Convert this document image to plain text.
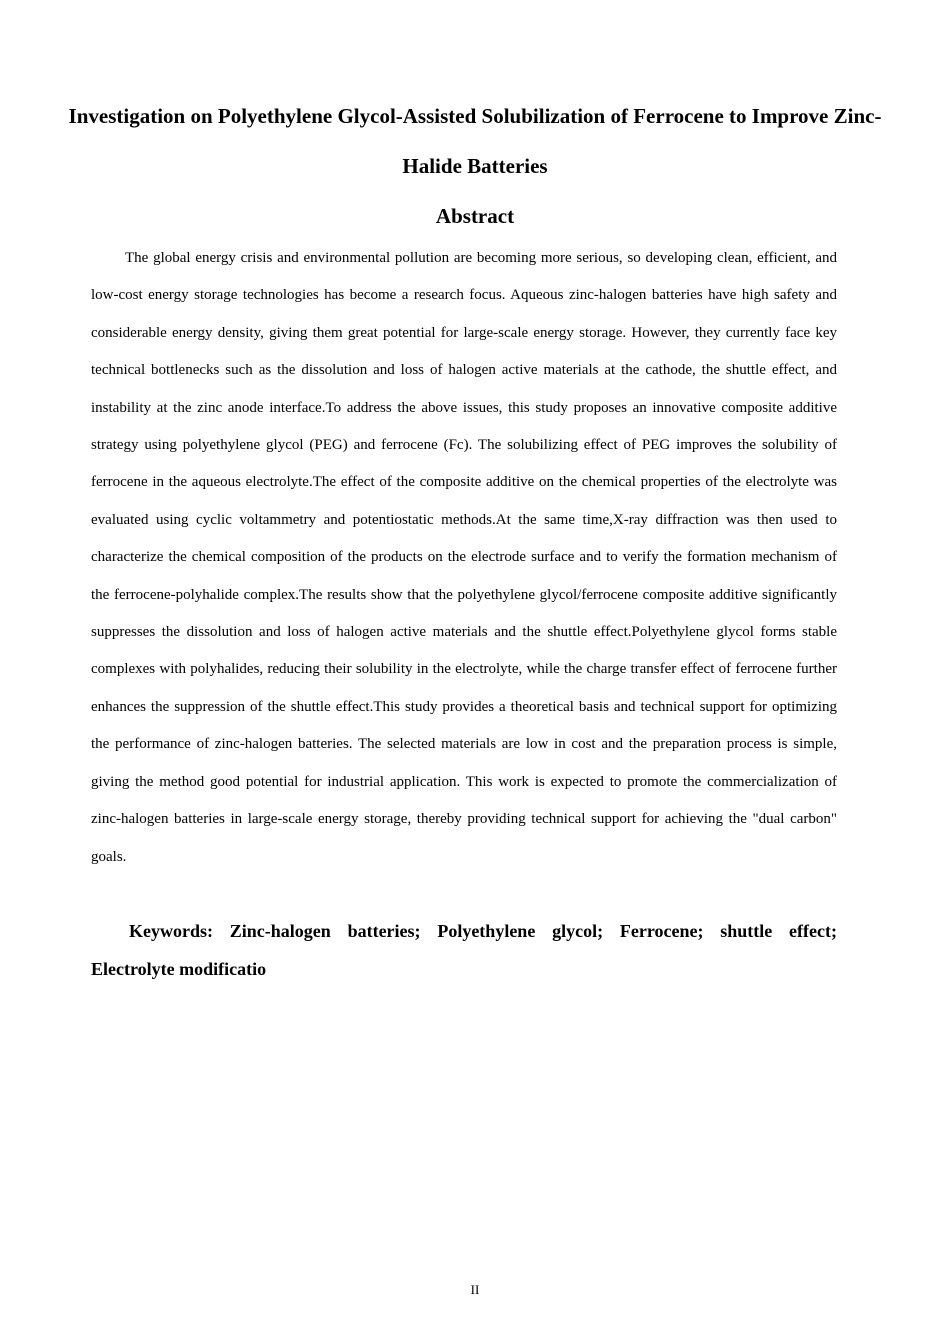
Investigation on Polyethylene Glycol-Assisted Solubilization of Ferrocene to Improve Zinc-Halide Batteries
Abstract

The global energy crisis and environmental pollution are becoming more serious, so developing clean, efficient, and low-cost energy storage technologies has become a research focus. Aqueous zinc-halogen batteries have high safety and considerable energy density, giving them great potential for large-scale energy storage. However, they currently face key technical bottlenecks such as the dissolution and loss of halogen active materials at the cathode, the shuttle effect, and instability at the zinc anode interface.To address the above issues, this study proposes an innovative composite additive strategy using polyethylene glycol (PEG) and ferrocene (Fc). The solubilizing effect of PEG improves the solubility of ferrocene in the aqueous electrolyte.The effect of the composite additive on the chemical properties of the electrolyte was evaluated using cyclic voltammetry and potentiostatic methods.At the same time,X-ray diffraction was then used to characterize the chemical composition of the products on the electrode surface and to verify the formation mechanism of the ferrocene-polyhalide complex.The results show that the polyethylene glycol/ferrocene composite additive significantly suppresses the dissolution and loss of halogen active materials and the shuttle effect.Polyethylene glycol forms stable complexes with polyhalides, reducing their solubility in the electrolyte, while the charge transfer effect of ferrocene further enhances the suppression of the shuttle effect.This study provides a theoretical basis and technical support for optimizing the performance of zinc-halogen batteries. The selected materials are low in cost and the preparation process is simple, giving the method good potential for industrial application. This work is expected to promote the commercialization of zinc-halogen batteries in large-scale energy storage, thereby providing technical support for achieving the "dual carbon" goals.

Keywords: Zinc-halogen batteries; Polyethylene glycol; Ferrocene; shuttle effect; Electrolyte modificatio

II
